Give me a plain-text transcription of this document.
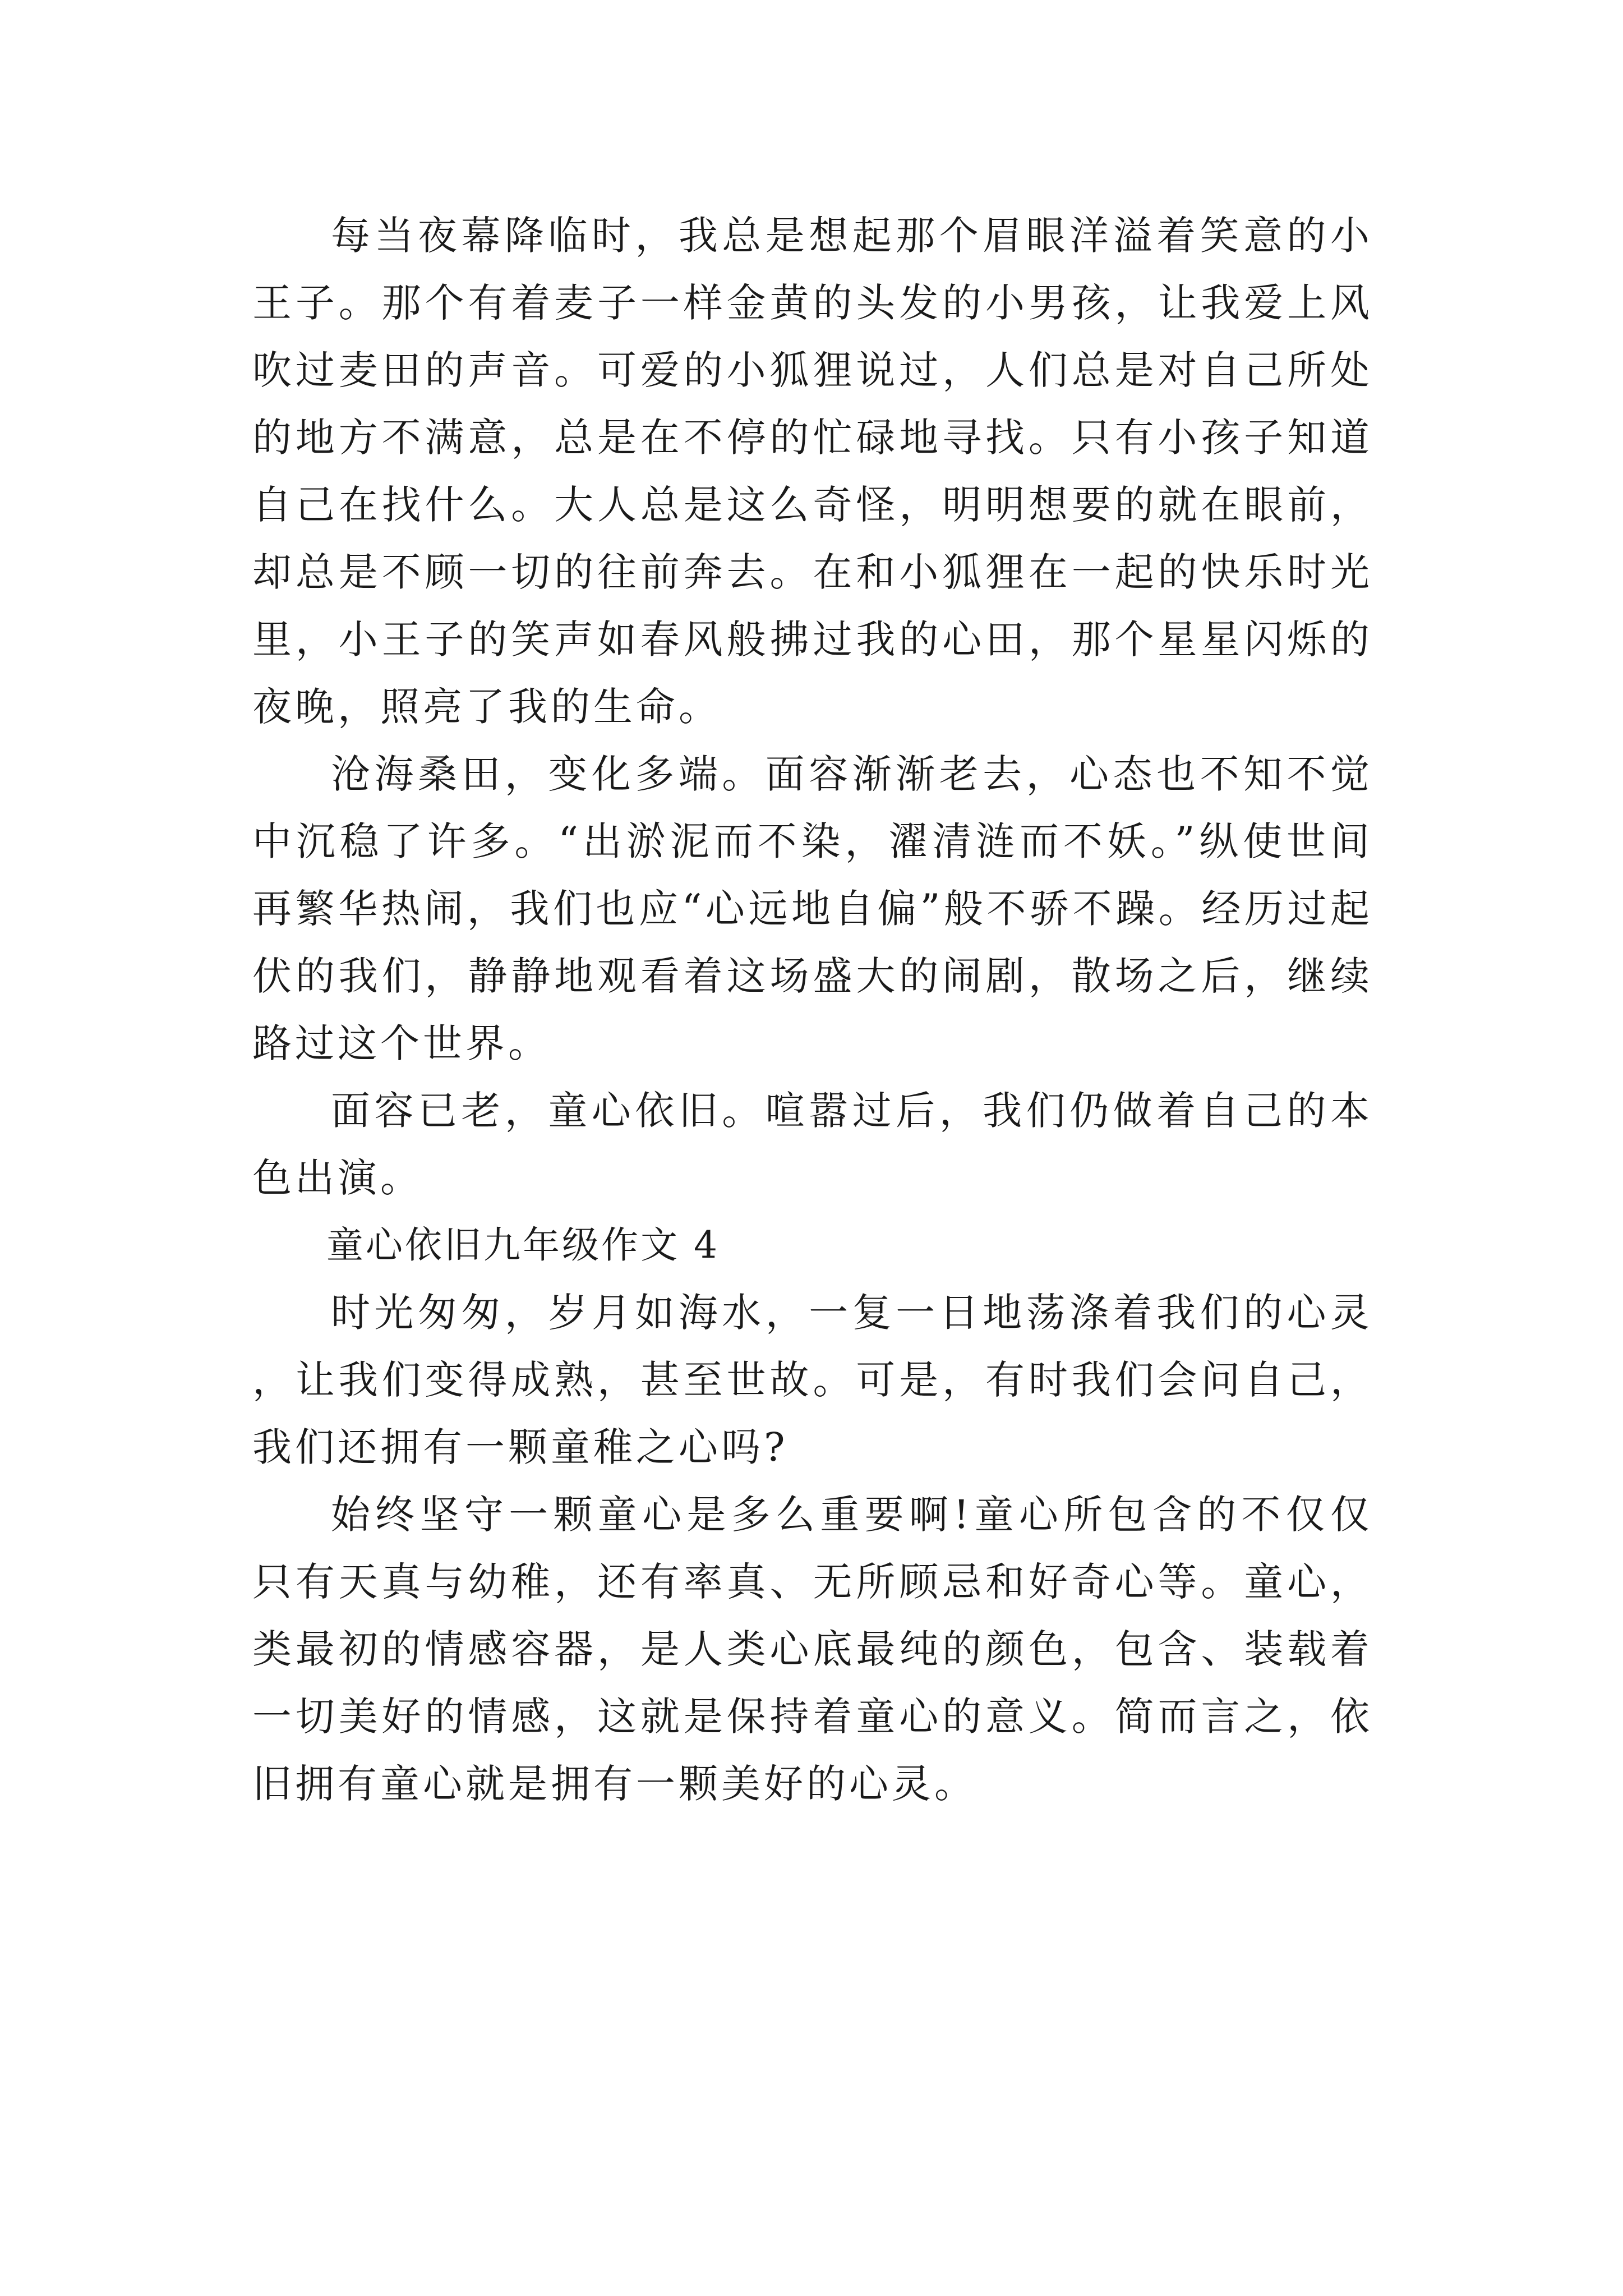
每当夜幕降临时，我总是想起那个眉眼洋溢着笑意的小王子。那个有着麦子一样金黄的头发的小男孩，让我爱上风吹过麦田的声音。可爱的小狐狸说过，人们总是对自己所处的地方不满意，总是在不停的忙碌地寻找。只有小孩子知道自己在找什么。大人总是这么奇怪，明明想要的就在眼前，却总是不顾一切的往前奔去。在和小狐狸在一起的快乐时光里，小王子的笑声如春风般拂过我的心田，那个星星闪烁的夜晚，照亮了我的生命。

沧海桑田，变化多端。面容渐渐老去，心态也不知不觉中沉稳了许多。“出淤泥而不染，濯清涟而不妖。”纵使世间再繁华热闹，我们也应“心远地自偏”般不骄不躁。经历过起伏的我们，静静地观看着这场盛大的闹剧，散场之后，继续路过这个世界。

面容已老，童心依旧。喧嚣过后，我们仍做着自己的本色出演。

童心依旧九年级作文 4

时光匆匆，岁月如海水，一复一日地荡涤着我们的心灵，让我们变得成熟，甚至世故。可是，有时我们会问自己，我们还拥有一颗童稚之心吗?

始终坚守一颗童心是多么重要啊!童心所包含的不仅仅只有天真与幼稚，还有率真、无所顾忌和好奇心等。童心，类最初的情感容器，是人类心底最纯的颜色，包含、装载着一切美好的情感，这就是保持着童心的意义。简而言之，依旧拥有童心就是拥有一颗美好的心灵。
